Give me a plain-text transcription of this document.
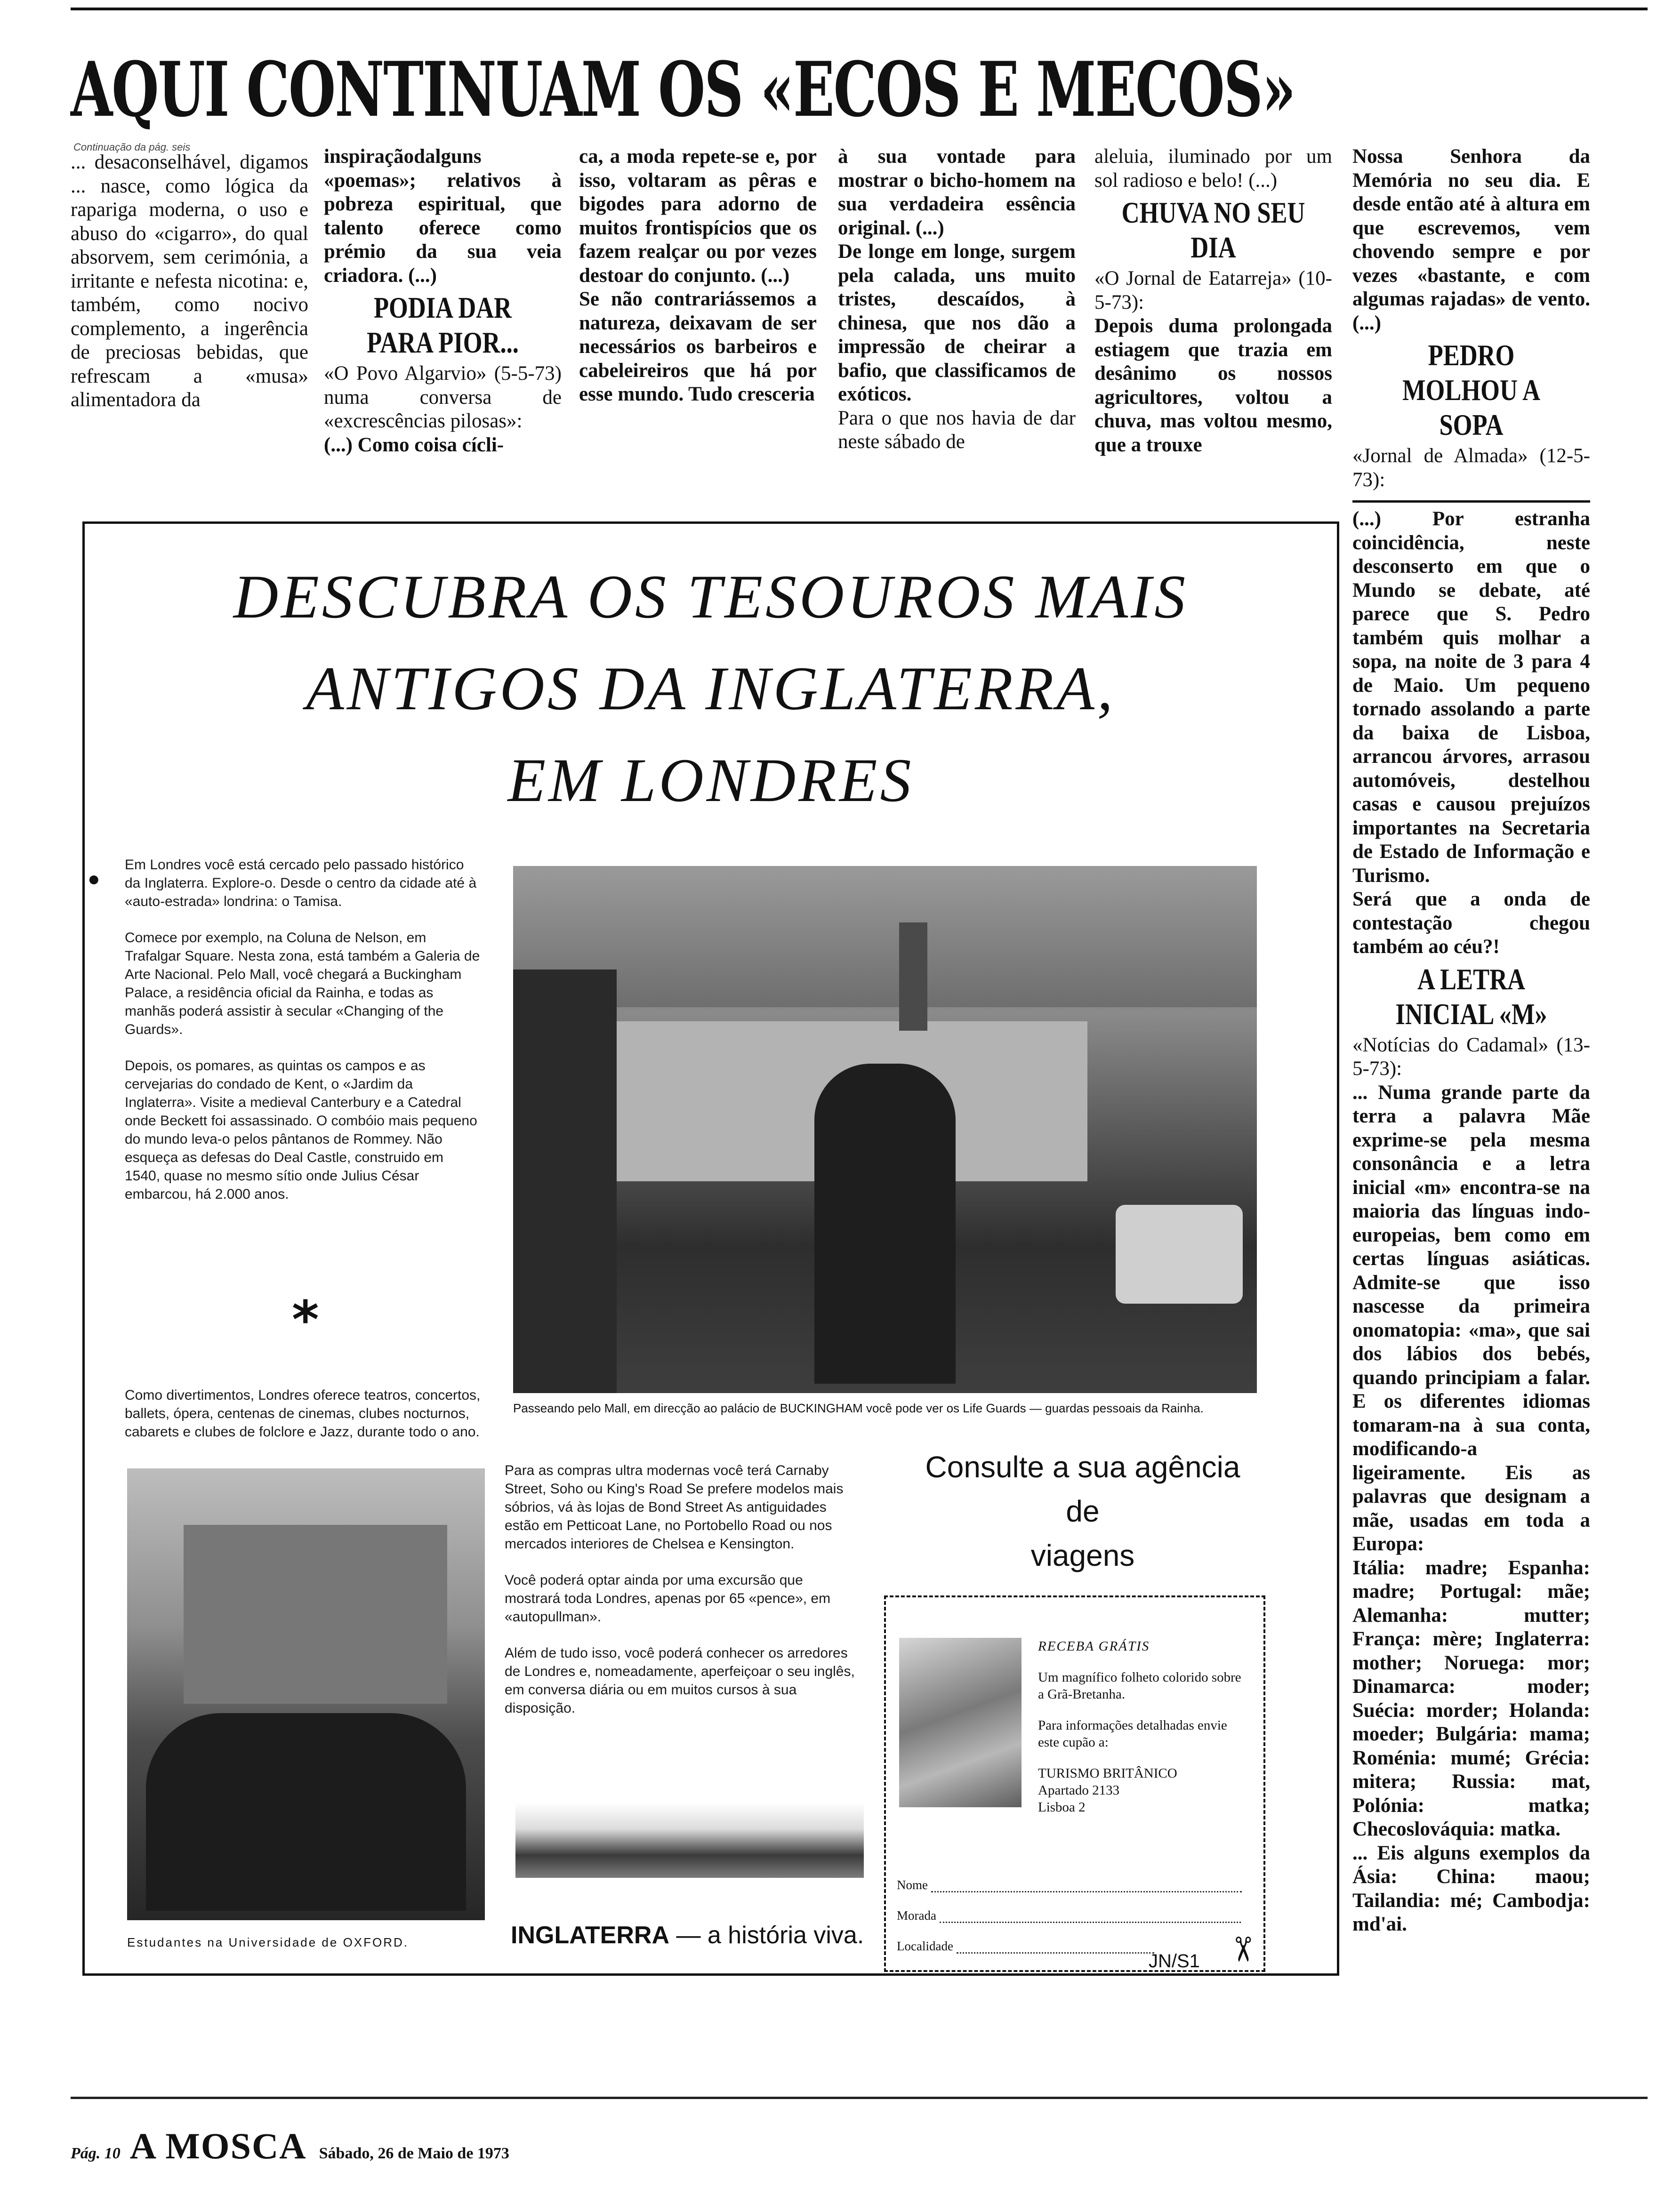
AQUI CONTINUAM OS «ECOS E MECOS»
Continuação da pág. seis

... desaconselhável, digamos ... nasce, como lógica da rapariga moderna, o uso e abuso do «cigarro», do qual absorvem, sem cerimónia, a irritante e nefesta nicotina: e, também, como nocivo complemento, a ingerência de preciosas bebidas, que refrescam a «musa» alimentadora da

inspiraçãodalguns «poemas»; relativos à pobreza espiritual, que talento oferece como prémio da sua veia criadora. (...)

PODIA DAR PARA PIOR...

«O Povo Algarvio» (5-5-73) numa conversa de «excrescências pilosas»:

(...) Como coisa cícli-

ca, a moda repete-se e, por isso, voltaram as pêras e bigodes para adorno de muitos frontispícios que os fazem realçar ou por vezes destoar do conjunto. (...)

Se não contrariássemos a natureza, deixavam de ser necessários os barbeiros e cabeleireiros que há por esse mundo. Tudo cresceria

à sua vontade para mostrar o bicho-homem na sua verdadeira essência original. (...)

De longe em longe, surgem pela calada, uns muito tristes, descaídos, à chinesa, que nos dão a impressão de cheirar a bafio, que classificamos de exóticos.

Para o que nos havia de dar neste sábado de

aleluia, iluminado por um sol radioso e belo! (...)

CHUVA NO SEU DIA

«O Jornal de Eatarreja» (10-5-73):

Depois duma prolongada estiagem que trazia em desânimo os nossos agricultores, voltou a chuva, mas voltou mesmo, que a trouxe

Nossa Senhora da Memória no seu dia. E desde então até à altura em que escrevemos, vem chovendo sempre e por vezes «bastante, e com algumas rajadas» de vento. (...)

PEDRO MOLHOU A SOPA

«Jornal de Almada» (12-5-73):

(...) Por estranha coincidência, neste desconserto em que o Mundo se debate, até parece que S. Pedro também quis molhar a sopa, na noite de 3 para 4 de Maio. Um pequeno tornado assolando a parte da baixa de Lisboa, arrancou árvores, arrasou automóveis, destelhou casas e causou prejuízos importantes na Secretaria de Estado de Informação e Turismo.

Será que a onda de contestação chegou também ao céu?!

A LETRA INICIAL «M»

«Notícias do Cadamal» (13-5-73):

... Numa grande parte da terra a palavra Mãe exprime-se pela mesma consonância e a letra inicial «m» encontra-se na maioria das línguas indo-europeias, bem como em certas línguas asiáticas. Admite-se que isso nascesse da primeira onomatopia: «ma», que sai dos lábios dos bebés, quando principiam a falar. E os diferentes idiomas tomaram-na à sua conta, modificando-a ligeiramente. Eis as palavras que designam a mãe, usadas em toda a Europa:

Itália: madre; Espanha: madre; Portugal: mãe; Alemanha: mutter; França: mère; Inglaterra: mother; Noruega: mor; Dinamarca: moder; Suécia: morder; Holanda: moeder; Bulgária: mama; Roménia: mumé; Grécia: mitera; Russia: mat, Polónia: matka; Checoslováquia: matka.

... Eis alguns exemplos da Ásia: China: maou; Tailandia: mé; Cambodja: md'ai.

DESCUBRA OS TESOUROS MAIS
ANTIGOS DA INGLATERRA,
EM LONDRES
●

Em Londres você está cercado pelo passado histórico da Inglaterra. Explore-o. Desde o centro da cidade até à «auto-estrada» londrina: o Tamisa.

Comece por exemplo, na Coluna de Nelson, em Trafalgar Square. Nesta zona, está também a Galeria de Arte Nacional. Pelo Mall, você chegará a Buckingham Palace, a residência oficial da Rainha, e todas as manhãs poderá assistir à secular «Changing of the Guards».

Depois, os pomares, as quintas os campos e as cervejarias do condado de Kent, o «Jardim da Inglaterra». Visite a medieval Canterbury e a Catedral onde Beckett foi assassinado. O combóio mais pequeno do mundo leva-o pelos pântanos de Rommey. Não esqueça as defesas do Deal Castle, construido em 1540, quase no mesmo sítio onde Julius César embarcou, há 2.000 anos.

*

Como divertimentos, Londres oferece teatros, concertos, ballets, ópera, centenas de cinemas, clubes nocturnos, cabarets e clubes de folclore e Jazz, durante todo o ano.

Passeando pelo Mall, em direcção ao palácio de BUCKINGHAM você pode ver os Life Guards — guardas pessoais da Rainha.
Estudantes na Universidade de OXFORD.

Para as compras ultra modernas você terá Carnaby Street, Soho ou King's Road Se prefere modelos mais sóbrios, vá às lojas de Bond Street As antiguidades estão em Petticoat Lane, no Portobello Road ou nos mercados interiores de Chelsea e Kensington.

Você poderá optar ainda por uma excursão que mostrará toda Londres, apenas por 65 «pence», em «autopullman».

Além de tudo isso, você poderá conhecer os arredores de Londres e, nomeadamente, aperfeiçoar o seu inglês, em conversa diária ou em muitos cursos à sua disposição.

INGLATERRA — a história viva.
Consulte a sua agência
de
viagens
RECEBA GRÁTIS
Um magnífico folheto colorido sobre a Grã-Bretanha.
Para informações detalhadas envie este cupão a:
TURISMO BRITÂNICO
Apartado 2133
Lisboa 2
Nome
Morada
Localidade
JN/S1 ✂
Pág. 10 A MOSCA Sábado, 26 de Maio de 1973
